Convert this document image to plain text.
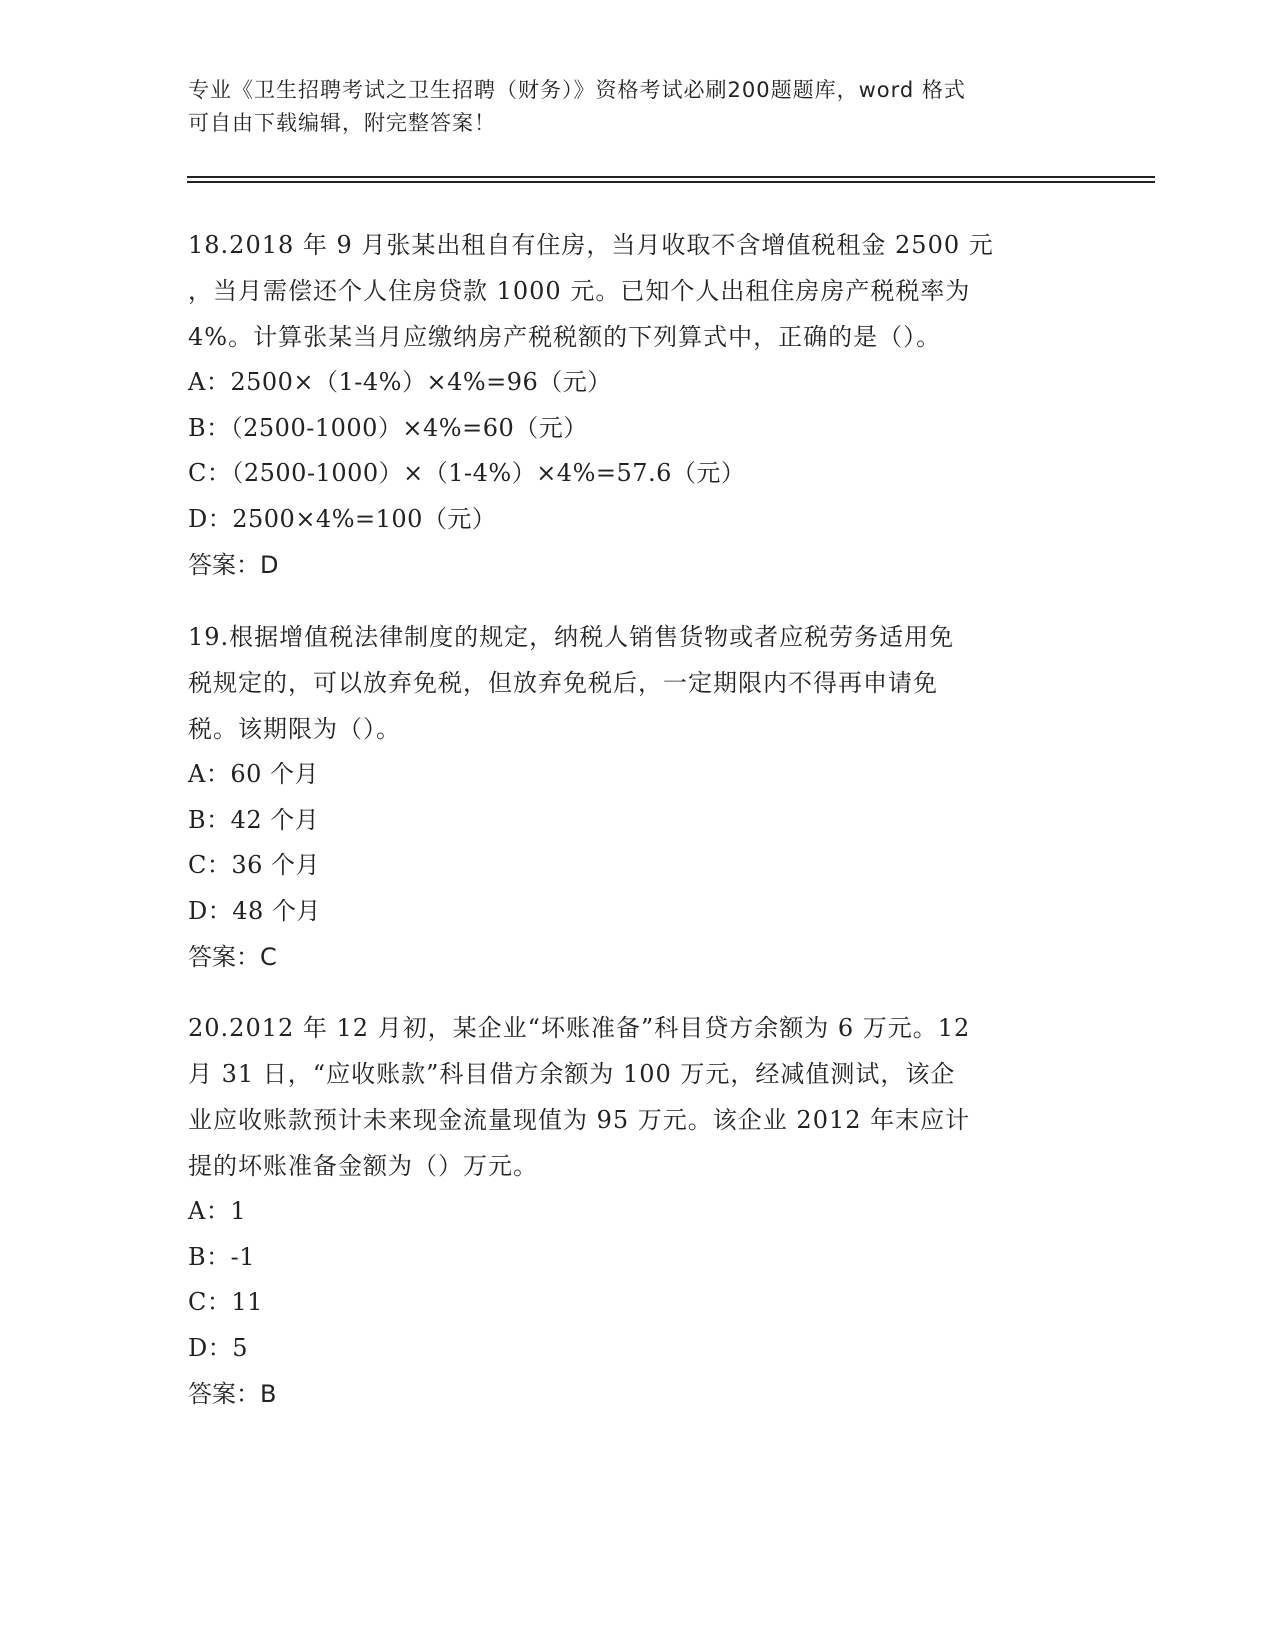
专业《卫生招聘考试之卫生招聘（财务）》资格考试必刷200题题库，word 格式
可自由下载编辑，附完整答案！
18.2018 年 9 月张某出租自有住房，当月收取不含增值税租金 2500 元
，当月需偿还个人住房贷款 1000 元。已知个人出租住房房产税税率为
4%。计算张某当月应缴纳房产税税额的下列算式中，正确的是（）。
A：2500×（1-4%）×4%=96（元）
B：（2500-1000）×4%=60（元）
C：（2500-1000）×（1-4%）×4%=57.6（元）
D：2500×4%=100（元）
答案：D
19.根据增值税法律制度的规定，纳税人销售货物或者应税劳务适用免
税规定的，可以放弃免税，但放弃免税后，一定期限内不得再申请免
税。该期限为（）。
A：60 个月
B：42 个月
C：36 个月
D：48 个月
答案：C
20.2012 年 12 月初，某企业“坏账准备”科目贷方余额为 6 万元。12
月 31 日，“应收账款”科目借方余额为 100 万元，经减值测试，该企
业应收账款预计未来现金流量现值为 95 万元。该企业 2012 年末应计
提的坏账准备金额为（）万元。
A：1
B：-1
C：11
D：5
答案：B
